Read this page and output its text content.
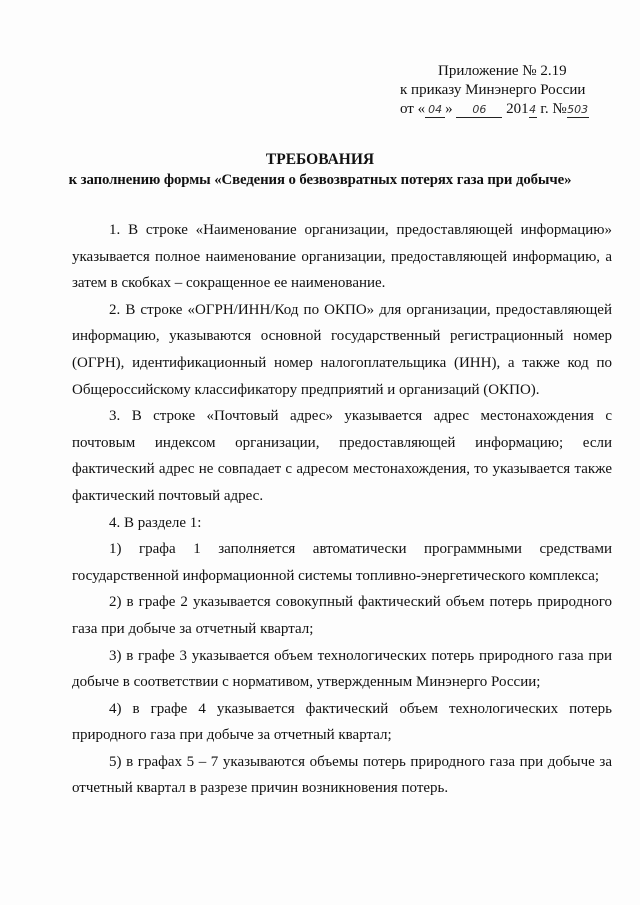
Приложение № 2.19
к приказу Минэнерго России
от « 04 » 06 2014 г. №503
ТРЕБОВАНИЯ
к заполнению формы «Сведения о безвозвратных потерях газа при добыче»

1. В строке «Наименование организации, предоставляющей информацию» указывается полное наименование организации, предоставляющей информацию, а затем в скобках – сокращенное ее наименование.

2. В строке «ОГРН/ИНН/Код по ОКПО» для организации, предоставляющей информацию, указываются основной государственный регистрационный номер (ОГРН), идентификационный номер налогоплательщика (ИНН), а также код по Общероссийскому классификатору предприятий и организаций (ОКПО).

3. В строке «Почтовый адрес» указывается адрес местонахождения с почтовым индексом организации, предоставляющей информацию; если фактический адрес не совпадает с адресом местонахождения, то указывается также фактический почтовый адрес.

4. В разделе 1:

1) графа 1 заполняется автоматически программными средствами государственной информационной системы топливно-энергетического комплекса;

2) в графе 2 указывается совокупный фактический объем потерь природного газа при добыче за отчетный квартал;

3) в графе 3 указывается объем технологических потерь природного газа при добыче в соответствии с нормативом, утвержденным Минэнерго России;

4) в графе 4 указывается фактический объем технологических потерь природного газа при добыче за отчетный квартал;

5) в графах 5 – 7 указываются объемы потерь природного газа при добыче за отчетный квартал в разрезе причин возникновения потерь.
